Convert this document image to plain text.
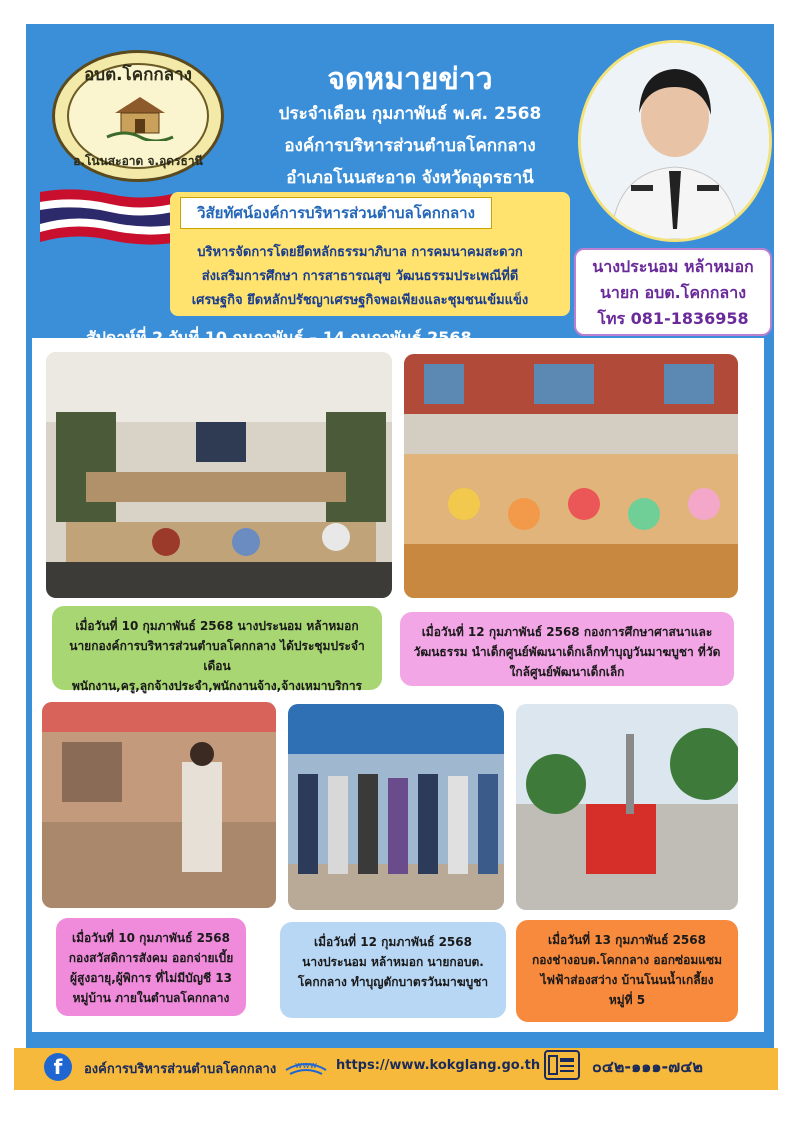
อบต.โคกกลาง
อ.โนนสะอาด จ.อุดรธานี
จดหมายข่าว
ประจำเดือน กุมภาพันธ์ พ.ศ. 2568
องค์การบริหารส่วนตำบลโคกกลาง
อำเภอโนนสะอาด จังหวัดอุดรธานี
นางประนอม หล้าหมอก
นายก อบต.โคกกลาง
โทร 081-1836958
วิสัยทัศน์องค์การบริหารส่วนตำบลโคกกลาง
บริหารจัดการโดยยึดหลักธรรมาภิบาล การคมนาคมสะดวก
ส่งเสริมการศึกษา การสาธารณสุข วัฒนธรรมประเพณีที่ดี
เศรษฐกิจ ยึดหลักปรัชญาเศรษฐกิจพอเพียงและชุมชนเข้มแข็ง
เมื่อวันที่ 10 กุมภาพันธ์ 2568 นางประนอม หล้าหมอก
นายกองค์การบริหารส่วนตำบลโคกกลาง ได้ประชุมประจำเดือน
พนักงาน,ครู,ลูกจ้างประจำ,พนักงานจ้าง,จ้างเหมาบริการ
เมื่อวันที่ 12 กุมภาพันธ์ 2568 กองการศึกษาศาสนาและ
วัฒนธรรม นำเด็กศูนย์พัฒนาเด็กเล็กทำบุญวันมาฆบูชา ที่วัด
ใกล้ศูนย์พัฒนาเด็กเล็ก
เมื่อวันที่ 10 กุมภาพันธ์ 2568
กองสวัสดิการสังคม ออกจ่ายเบี้ย
ผู้สูงอายุ,ผู้พิการ ที่ไม่มีบัญชี 13
หมู่บ้าน ภายในตำบลโคกกลาง
เมื่อวันที่ 12 กุมภาพันธ์ 2568
นางประนอม หล้าหมอก นายกอบต.
โคกกลาง ทำบุญตักบาตรวันมาฆบูชา
เมื่อวันที่ 13 กุมภาพันธ์ 2568
กองช่างอบต.โคกกลาง ออกซ่อมแซม
ไฟฟ้าส่องสว่าง บ้านโนนน้ำเกลี้ยง
หมู่ที่ 5
f	องค์การบริหารส่วนตำบลโคกกลาง www https://www.kokglang.go.th	๐๔๒-๑๑๑-๗๔๒
